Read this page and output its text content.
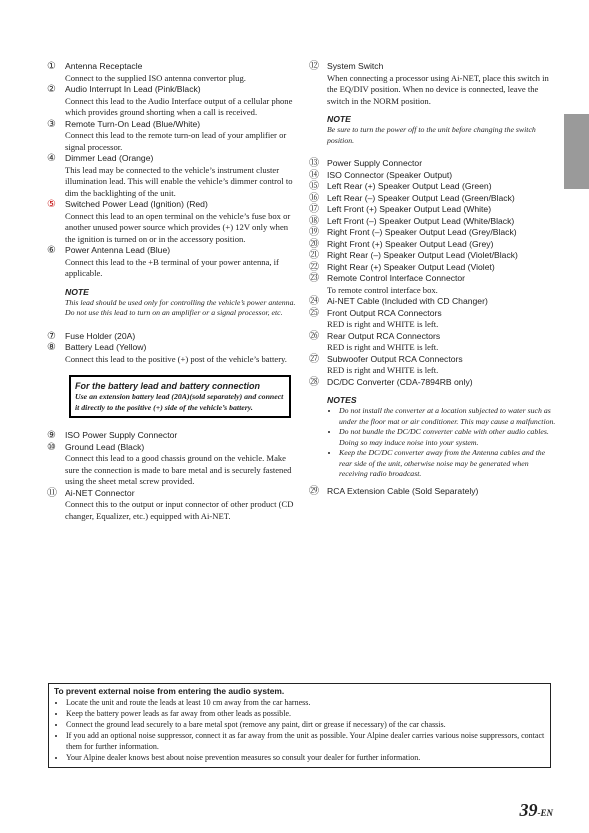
①	Antenna Receptacle
Connect to the supplied ISO antenna convertor plug.
②	Audio Interrupt In Lead (Pink/Black)
Connect this lead to the Audio Interface output of a cellular phone which provides ground shorting when a call is received.
③	Remote Turn-On Lead (Blue/White)
Connect this lead to the remote turn-on lead of your amplifier or signal processor.
④	Dimmer Lead (Orange)
This lead may be connected to the vehicle’s instrument cluster illumination lead. This will enable the vehicle’s dimmer control to dim the backlighting of the unit.
⑤	Switched Power Lead (Ignition) (Red)
Connect this lead to an open terminal on the vehicle’s fuse box or another unused power source which provides (+) 12V only when the ignition is turned on or in the accessory position.
⑥	Power Antenna Lead (Blue)
Connect this lead to the +B terminal of your power antenna, if applicable.
NOTE
This lead should be used only for controlling the vehicle’s power antenna. Do not use this lead to turn on an amplifier or a signal processor, etc.
⑦	Fuse Holder (20A)
⑧	Battery Lead (Yellow)
Connect this lead to the positive (+) post of the vehicle’s battery.
For the battery lead and battery connection
Use an extension battery lead (20A)(sold separately) and connect it directly to the positive (+) side of the vehicle’s battery.
⑨	ISO Power Supply Connector
⑩	Ground Lead (Black)
Connect this lead to a good chassis ground on the vehicle. Make sure the connection is made to bare metal and is securely fastened using the sheet metal screw provided.
⑪ Ai-NET Connector
Connect this to the output or input connector of other product (CD changer, Equalizer, etc.) equipped with Ai-NET.
⑫ System Switch
When connecting a processor using Ai-NET, place this switch in the EQ/DIV position. When no device is connected, leave the switch in the NORM position.
NOTE
Be sure to turn the power off to the unit before changing the switch position.
⑬ Power Supply Connector
⑭ ISO Connector (Speaker Output)
⑮ Left Rear (+) Speaker Output Lead (Green)
⑯ Left Rear (–) Speaker Output Lead (Green/Black)
⑰ Left Front (+) Speaker Output Lead (White)
⑱ Left Front (–) Speaker Output Lead (White/Black)
⑲ Right Front (–) Speaker Output Lead (Grey/Black)
⑳ Right Front (+) Speaker Output Lead (Grey)
㉑ Right Rear (–) Speaker Output Lead (Violet/Black)
㉒ Right Rear (+) Speaker Output Lead (Violet)
㉓ Remote Control Interface Connector
To remote control interface box.
㉔ Ai-NET Cable (Included with CD Changer)
㉕ Front Output RCA Connectors
RED is right and WHITE is left.
㉖ Rear Output RCA Connectors
RED is right and WHITE is left.
㉗ Subwoofer Output RCA Connectors
RED is right and WHITE is left.
㉘ DC/DC Converter (CDA-7894RB only)
NOTES
• Do not install the converter at a location subjected to water such as under the floor mat or air conditioner. This may cause a malfunction.
• Do not bundle the DC/DC converter cable with other audio cables. Doing so may induce noise into your system.
• Keep the DC/DC converter away from the Antenna cables and the rear side of the unit, otherwise noise may be generated when receiving radio broadcast.
㉙ RCA Extension Cable (Sold Separately)
To prevent external noise from entering the audio system.
• Locate the unit and route the leads at least 10 cm away from the car harness.
• Keep the battery power leads as far away from other leads as possible.
• Connect the ground lead securely to a bare metal spot (remove any paint, dirt or grease if necessary) of the car chassis.
• If you add an optional noise suppressor, connect it as far away from the unit as possible. Your Alpine dealer carries various noise suppressors, contact them for further information.
• Your Alpine dealer knows best about noise prevention measures so consult your dealer for further information.
39-EN
